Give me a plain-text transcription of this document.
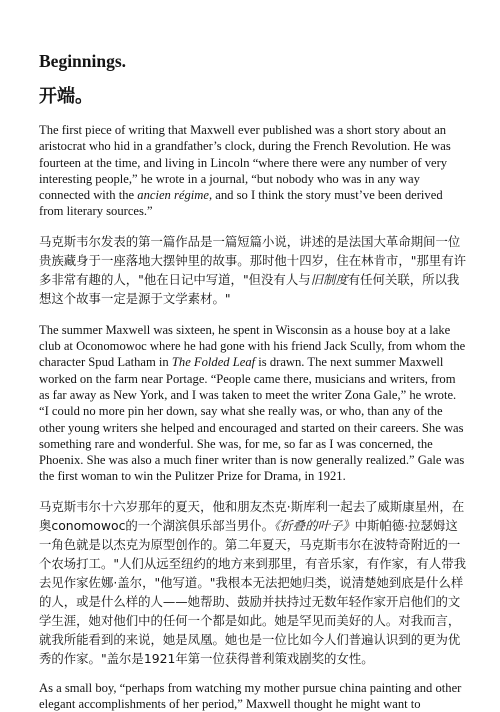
Beginnings.
开端。

The first piece of writing that Maxwell ever published was a short story about an aristocrat who hid in a grandfather’s clock, during the French Revolution. He was fourteen at the time, and living in Lincoln “where there were any number of very interesting people,” he wrote in a journal, “but nobody who was in any way connected with the ancien régime, and so I think the story must’ve been derived from literary sources.”

马克斯韦尔发表的第一篇作品是一篇短篇小说，讲述的是法国大革命期间一位贵族藏身于一座落地大摆钟里的故事。那时他十四岁，住在林肯市，"那里有许多非常有趣的人，"他在日记中写道，"但没有人与旧制度有任何关联，所以我想这个故事一定是源于文学素材。"

The summer Maxwell was sixteen, he spent in Wisconsin as a house boy at a lake club at Oconomowoc where he had gone with his friend Jack Scully, from whom the character Spud Latham in The Folded Leaf is drawn. The next summer Maxwell worked on the farm near Portage. “People came there, musicians and writers, from as far away as New York, and I was taken to meet the writer Zona Gale,” he wrote. “I could no more pin her down, say what she really was, or who, than any of the other young writers she helped and encouraged and started on their careers. She was something rare and wonderful. She was, for me, so far as I was concerned, the Phoenix. She was also a much finer writer than is now generally realized.” Gale was the first woman to win the Pulitzer Prize for Drama, in 1921.

马克斯韦尔十六岁那年的夏天，他和朋友杰克·斯库利一起去了威斯康星州，在奥conomowoc的一个湖滨俱乐部当男仆。《折叠的叶子》中斯帕德·拉瑟姆这一角色就是以杰克为原型创作的。第二年夏天，马克斯韦尔在波特奇附近的一个农场打工。"人们从远至纽约的地方来到那里，有音乐家，有作家，有人带我去见作家佐娜·盖尔，"他写道。"我根本无法把她归类，说清楚她到底是什么样的人，或是什么样的人——她帮助、鼓励并扶持过无数年轻作家开启他们的文学生涯，她对他们中的任何一个都是如此。她是罕见而美好的人。对我而言，就我所能看到的来说，她是凤凰。她也是一位比如今人们普遍认识到的更为优秀的作家。"盖尔是1921年第一位获得普利策戏剧奖的女性。

As a small boy, “perhaps from watching my mother pursue china painting and other elegant accomplishments of her period,” Maxwell thought he might want to
